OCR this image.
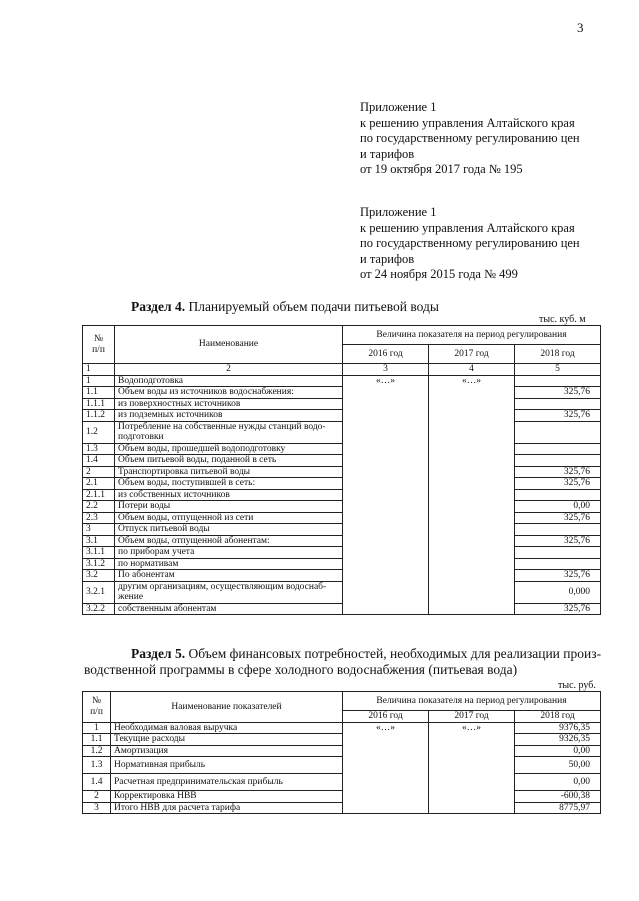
3
Приложение 1
к решению управления Алтайского края
по государственному регулированию цен
и тарифов
от 19 октября 2017 года № 195
Приложение 1
к решению управления Алтайского края
по государственному регулированию цен
и тарифов
от 24 ноября 2015 года № 499
Раздел 4. Планируемый объем подачи питьевой воды
тыс. куб. м
№
п/п	Наименование	Величина показателя на период регулирования		
		2016 год	2017 год	2018 год
1	2	3	4	5
1	Водоподготовка	«…»	«…»	
1.1	Объем воды из источников водоснабжения:			325,76
1.1.1	из поверхностных источников			
1.1.2	из подземных источников			325,76
1.2	Потребление на собственные нужды станций водо-подготовки			
1.3	Объем воды, прошедшей водоподготовку			
1.4	Объем питьевой воды, поданной в сеть			
2	Транспортировка питьевой воды			325,76
2.1	Объем воды, поступившей в сеть:			325,76
2.1.1	из собственных источников			
2.2	Потери воды			0,00
2.3	Объем воды, отпущенной из сети			325,76
3	Отпуск питьевой воды			
3.1	Объем воды, отпущенной абонентам:			325,76
3.1.1	по приборам учета			
3.1.2	по нормативам			
3.2	По абонентам			325,76
3.2.1	другим организациям, осуществляющим водоснаб-жение			0,000
3.2.2	собственным абонентам			325,76
Раздел 5. Объем финансовых потребностей, необходимых для реализации произ-
водственной программы в сфере холодного водоснабжения (питьевая вода)
тыс. руб.
№
п/п	Наименование показателей	Величина показателя на период регулирования		
		2016 год	2017 год	2018 год
1	Необходимая валовая выручка	«…»	«…»	9376,35
1.1	Текущие расходы			9326,35
1.2	Амортизация			0,00
1.3	Нормативная прибыль			50,00
1.4	Расчетная предпринимательская прибыль			0,00
2	Корректировка НВВ			-600,38
3	Итого НВВ для расчета тарифа			8775,97
